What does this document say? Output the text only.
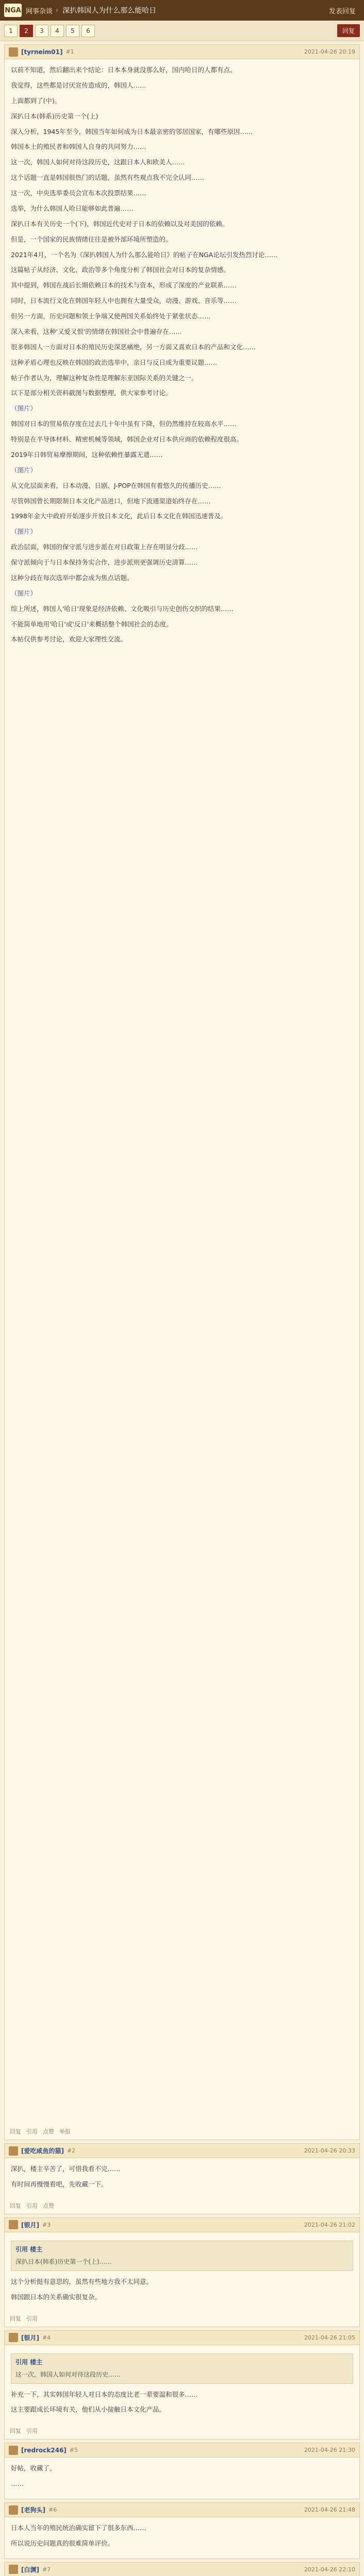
NGA 网事杂谈 › 深扒韩国人为什么那么能哈日	发表回复
1	2	3	4	5	6	回复
[tyrneim01] #1	2021-04-26 20:19

以前不知道，然后翻出来个结论：日本本身就没那么好，国内哈日的人都有点。

我觉得，这些都是讨厌宣传造成的，韩国人……

上面都到了(中)。

深扒日本(韩系)历史第一个(上)

深入分析，1945年至今，韩国当年如何成为日本最亲密的邻居国家，有哪些原因……

韩国本土的殖民者和韩国人自身的共同努力……

这一次，韩国人如何对待这段历史，这跟日本人和欧美人……

这个话题一直是韩国很热门的话题，虽然有些观点我不完全认同……

这一次，中央选举委员会宣布本次投票结果……

选举，为什么韩国人哈日能够如此普遍……

深扒日本有关历史一个(下)，韩国近代史对于日本的依赖以及对美国的依赖。

但是，一个国家的民族情绪往往是被外部环境所塑造的。

2021年4月，一个名为《深扒韩国人为什么那么能哈日》的帖子在NGA论坛引发热烈讨论……

这篇帖子从经济、文化、政治等多个角度分析了韩国社会对日本的复杂情感。

其中提到，韩国在战后长期依赖日本的技术与资本，形成了深度的产业联系……

同时，日本流行文化在韩国年轻人中也拥有大量受众，动漫、游戏、音乐等……

但另一方面，历史问题和领土争端又使两国关系始终处于紧张状态……

深入来看，这种'又爱又恨'的情绪在韩国社会中普遍存在……

很多韩国人一方面对日本的殖民历史深恶痛绝，另一方面又喜欢日本的产品和文化……

这种矛盾心理也反映在韩国的政治选举中，亲日与反日成为重要议题……

帖子作者认为，理解这种复杂性是理解东亚国际关系的关键之一。

以下是部分相关资料截图与数据整理，供大家参考讨论。

（图片）

韩国对日本的贸易依存度在过去几十年中虽有下降，但仍然维持在较高水平……

特别是在半导体材料、精密机械等领域，韩国企业对日本供应商的依赖程度很高。

2019年日韩贸易摩擦期间，这种依赖性暴露无遗……

（图片）

从文化层面来看，日本动漫、日剧、J-POP在韩国有着悠久的传播历史……

尽管韩国曾长期限制日本文化产品进口，但地下流通渠道始终存在……

1998年金大中政府开始逐步开放日本文化，此后日本文化在韩国迅速普及。

（图片）

政治层面，韩国的保守派与进步派在对日政策上存在明显分歧……

保守派倾向于与日本保持务实合作，进步派则更强调历史清算……

这种分歧在每次选举中都会成为焦点话题。

（图片）

综上所述，韩国人'哈日'现象是经济依赖、文化吸引与历史创伤交织的结果……

不能简单地用'哈日'或'反日'来概括整个韩国社会的态度。

本帖仅供参考讨论，欢迎大家理性交流。

回复 引用 点赞 举报
[爱吃咸鱼的猫] #2	2021-04-26 20:33

深扒，楼主辛苦了，可惜我看不完……

有时间再慢慢看吧，先收藏一下。

回复 引用 点赞
[银月] #3	2021-04-26 21:02
引用 楼主
深扒日本(韩系)历史第一个(上)……

这个分析挺有意思的，虽然有些地方我不太同意。

韩国跟日本的关系确实很复杂。

回复 引用
[银月] #4	2021-04-26 21:05
引用 楼主
这一次，韩国人如何对待这段历史……

补充一下，其实韩国年轻人对日本的态度比老一辈要温和很多……

这主要跟成长环境有关，他们从小接触日本文化产品。

回复 引用
[redrock246] #5	2021-04-26 21:30

好帖，收藏了。

……

[老狗头] #6	2021-04-26 21:48

日本人当年的殖民统治确实留下了很多东西……

所以说历史问题真的很难简单评价。

[白渊] #7	2021-04-26 22:10
